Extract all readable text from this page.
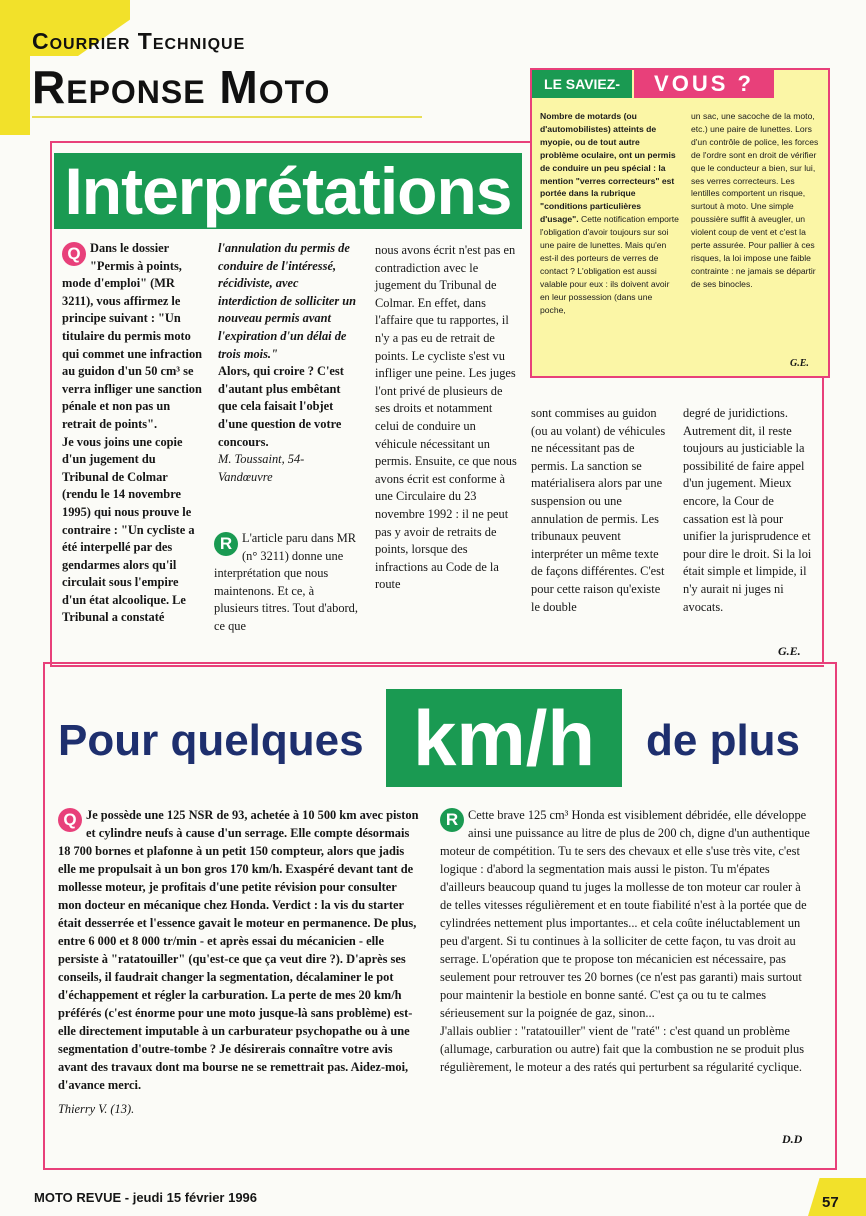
Courrier Technique
Reponse Moto	LE SAVIEZ-	VOUS ?
Nombre de motards (ou d'automobilistes) atteints de myopie, ou de tout autre problème oculaire, ont un permis de conduire un peu spécial : la mention "verres correcteurs" est portée dans la rubrique "conditions particulières d'usage". Cette notification emporte l'obligation d'avoir toujours sur soi une paire de lunettes. Mais qu'en est-il des porteurs de verres de contact ? L'obligation est aussi valable pour eux : ils doivent avoir en leur possession (dans une poche,
un sac, une sacoche de la moto, etc.) une paire de lunettes. Lors d'un contrôle de police, les forces de l'ordre sont en droit de vérifier que le conducteur a bien, sur lui, ses verres correcteurs. Les lentilles comportent un risque, surtout à moto. Une simple poussière suffit à aveugler, un violent coup de vent et c'est la perte assurée. Pour pallier à ces risques, la loi impose une faible contrainte : ne jamais se départir de ses binocles.
G.E.
Interprétations
Q Dans le dossier "Permis à points, mode d'emploi" (MR 3211), vous affirmez le principe suivant : "Un titulaire du permis moto qui commet une infraction au guidon d'un 50 cm³ se verra infliger une sanction pénale et non pas un retrait de points".

Je vous joins une copie d'un jugement du Tribunal de Colmar (rendu le 14 novembre 1995) qui nous prouve le contraire : "Un cycliste a été interpellé par des gendarmes alors qu'il circulait sous l'empire d'un état alcoolique. Le Tribunal a constaté

l'annulation du permis de conduire de l'intéressé, récidiviste, avec interdiction de solliciter un nouveau permis avant l'expiration d'un délai de trois mois."

Alors, qui croire ? C'est d'autant plus embêtant que cela faisait l'objet d'une question de votre concours.

M. Toussaint, 54-Vandœuvre

R L'article paru dans MR (n° 3211) donne une interprétation que nous maintenons. Et ce, à plusieurs titres. Tout d'abord, ce que

nous avons écrit n'est pas en contradiction avec le jugement du Tribunal de Colmar. En effet, dans l'affaire que tu rapportes, il n'y a pas eu de retrait de points. Le cycliste s'est vu infliger une peine. Les juges l'ont privé de plusieurs de ses droits et notamment celui de conduire un véhicule nécessitant un permis. Ensuite, ce que nous avons écrit est conforme à une Circulaire du 23 novembre 1992 : il ne peut pas y avoir de retraits de points, lorsque des infractions au Code de la route

sont commises au guidon (ou au volant) de véhicules ne nécessitant pas de permis. La sanction se matérialisera alors par une suspension ou une annulation de permis. Les tribunaux peuvent interpréter un même texte de façons différentes. C'est pour cette raison qu'existe le double

degré de juridictions. Autrement dit, il reste toujours au justiciable la possibilité de faire appel d'un jugement. Mieux encore, la Cour de cassation est là pour unifier la jurisprudence et pour dire le droit. Si la loi était simple et limpide, il n'y aurait ni juges ni avocats.

G.E.
Pour quelques km/h	de plus
Q Je possède une 125 NSR de 93, achetée à 10 500 km avec piston et cylindre neufs à cause d'un serrage. Elle compte désormais 18 700 bornes et plafonne à un petit 150 compteur, alors que jadis elle me propulsait à un bon gros 170 km/h. Exaspéré devant tant de mollesse moteur, je profitais d'une petite révision pour consulter mon docteur en mécanique chez Honda. Verdict : la vis du starter était desserrée et l'essence gavait le moteur en permanence. De plus, entre 6 000 et 8 000 tr/min - et après essai du mécanicien - elle persiste à "ratatouiller" (qu'est-ce que ça veut dire ?). D'après ses conseils, il faudrait changer la segmentation, décalaminer le pot d'échappement et régler la carburation. La perte de mes 20 km/h préférés (c'est énorme pour une moto jusque-là sans problème) est-elle directement imputable à un carburateur psychopathe ou à une segmentation d'outre-tombe ? Je désirerais connaître votre avis avant des travaux dont ma bourse ne se remettrait pas. Aidez-moi, d'avance merci.
Thierry V. (13).
R Cette brave 125 cm³ Honda est visiblement débridée, elle développe ainsi une puissance au litre de plus de 200 ch, digne d'un authentique moteur de compétition. Tu te sers des chevaux et elle s'use très vite, c'est logique : d'abord la segmentation mais aussi le piston. Tu m'épates d'ailleurs beaucoup quand tu juges la mollesse de ton moteur car rouler à de telles vitesses régulièrement et en toute fiabilité n'est à la portée que de cylindrées nettement plus importantes... et cela coûte inéluctablement un peu d'argent. Si tu continues à la solliciter de cette façon, tu vas droit au serrage. L'opération que te propose ton mécanicien est nécessaire, pas seulement pour retrouver tes 20 bornes (ce n'est pas garanti) mais surtout pour maintenir la bestiole en bonne santé. C'est ça ou tu te calmes sérieusement sur la poignée de gaz, sinon...
J'allais oublier : "ratatouiller" vient de "raté" : c'est quand un problème (allumage, carburation ou autre) fait que la combustion ne se produit plus régulièrement, le moteur a des ratés qui perturbent sa régularité cyclique.
D.D
MOTO REVUE - jeudi 15 février 1996	57
